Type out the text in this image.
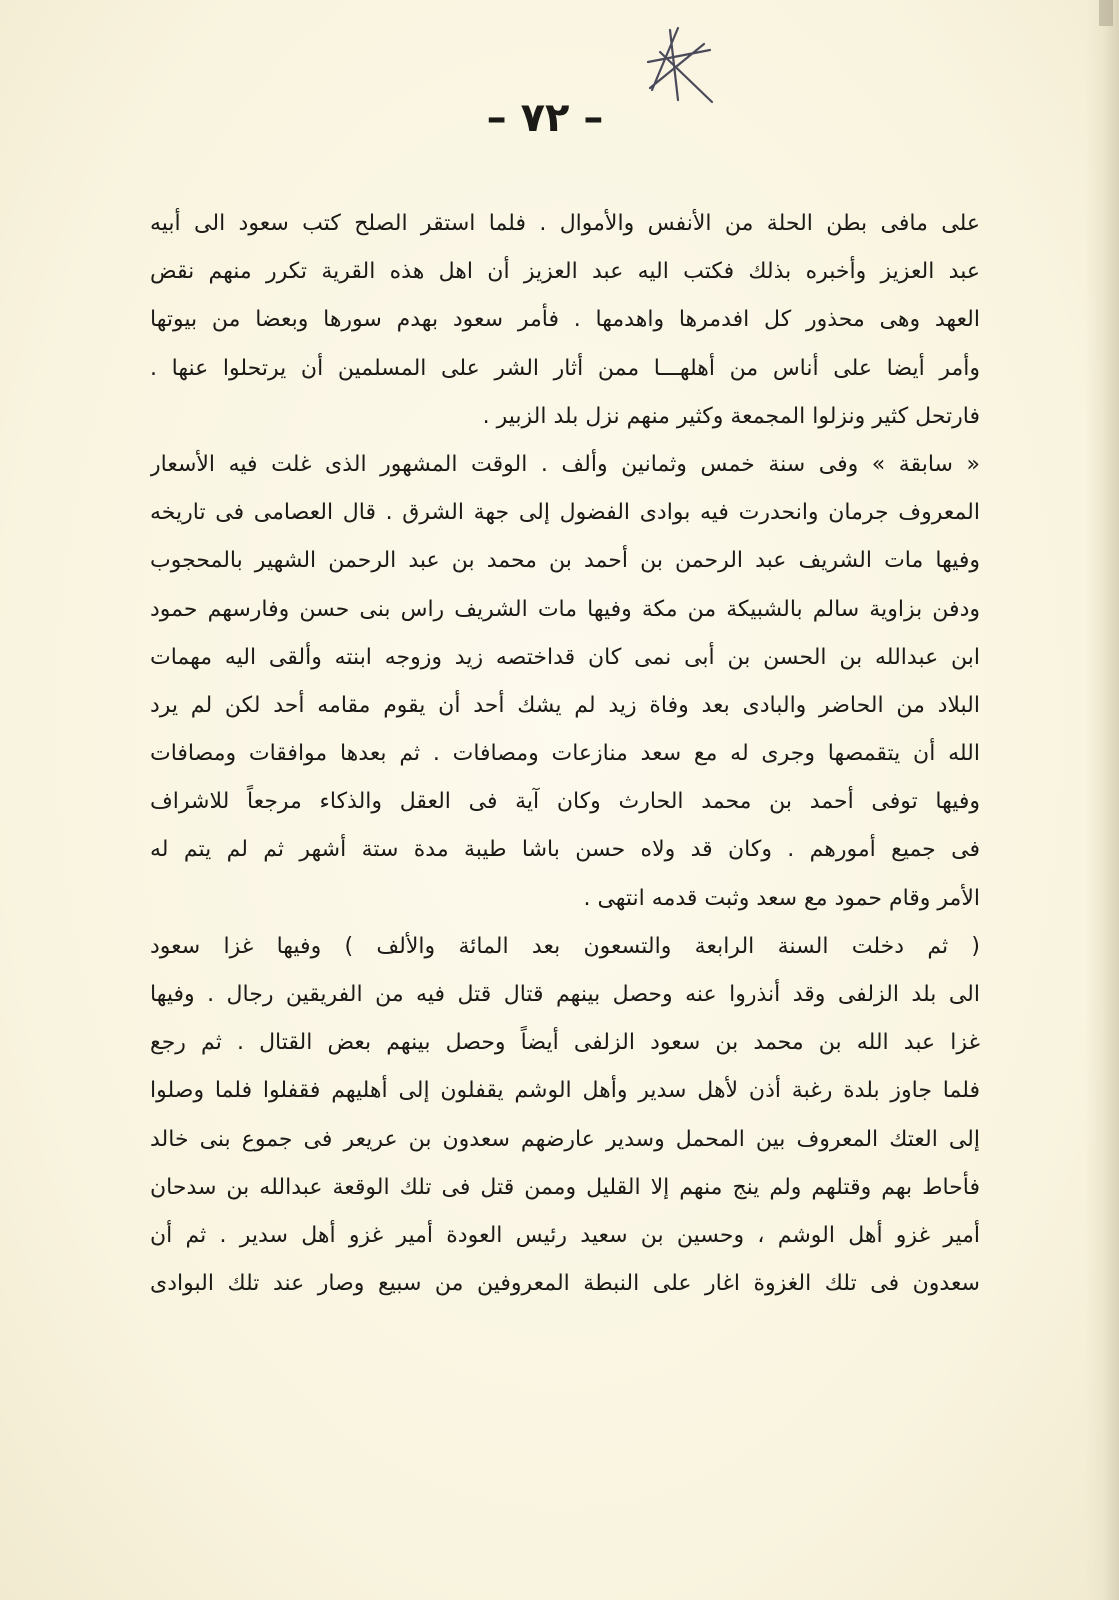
– ٧٢ –
على مافى بطن الحلة من الأنفس والأموال . فلما استقر الصلح كتب سعود الى أبيه
عبد العزيز وأخبره بذلك فكتب اليه عبد العزيز أن اهل هذه القرية تكرر منهم نقض
العهد وهى محذور كل افدمرها واهدمها . فأمر سعود بهدم سورها وبعضا من بيوتها
وأمر أيضا على أناس من أهلهـــا ممن أثار الشر على المسلمين أن يرتحلوا عنها .
فارتحل كثير ونزلوا المجمعة وكثير منهم نزل بلد الزبير .
« سابقة » وفى سنة خمس وثمانين وألف . الوقت المشهور الذى غلت فيه الأسعار
المعروف جرمان وانحدرت فيه بوادى الفضول إلى جهة الشرق . قال العصامى فى تاريخه
وفيها مات الشريف عبد الرحمن بن أحمد بن محمد بن عبد الرحمن الشهير بالمحجوب
ودفن بزاوية سالم بالشبيكة من مكة وفيها مات الشريف راس بنى حسن وفارسهم حمود
ابن عبدالله بن الحسن بن أبى نمى كان قداختصه زيد وزوجه ابنته وألقى اليه مهمات
البلاد من الحاضر والبادى بعد وفاة زيد لم يشك أحد أن يقوم مقامه أحد لكن لم يرد
الله أن يتقمصها وجرى له مع سعد منازعات ومصافات . ثم بعدها موافقات ومصافات
وفيها توفى أحمد بن محمد الحارث وكان آية فى العقل والذكاء مرجعاً للاشراف
فى جميع أمورهم . وكان قد ولاه حسن باشا طيبة مدة ستة أشهر ثم لم يتم له
الأمر وقام حمود مع سعد وثبت قدمه انتهى .
( ثم دخلت السنة الرابعة والتسعون بعد المائة والألف ) وفيها غزا سعود
الى بلد الزلفى وقد أنذروا عنه وحصل بينهم قتال قتل فيه من الفريقين رجال . وفيها
غزا عبد الله بن محمد بن سعود الزلفى أيضاً وحصل بينهم بعض القتال . ثم رجع
فلما جاوز بلدة رغبة أذن لأهل سدير وأهل الوشم يقفلون إلى أهليهم فقفلوا فلما وصلوا
إلى العتك المعروف بين المحمل وسدير عارضهم سعدون بن عريعر فى جموع بنى خالد
فأحاط بهم وقتلهم ولم ينج منهم إلا القليل وممن قتل فى تلك الوقعة عبدالله بن سدحان
أمير غزو أهل الوشم ، وحسين بن سعيد رئيس العودة أمير غزو أهل سدير . ثم أن
سعدون فى تلك الغزوة اغار على النبطة المعروفين من سبيع وصار عند تلك البوادى
